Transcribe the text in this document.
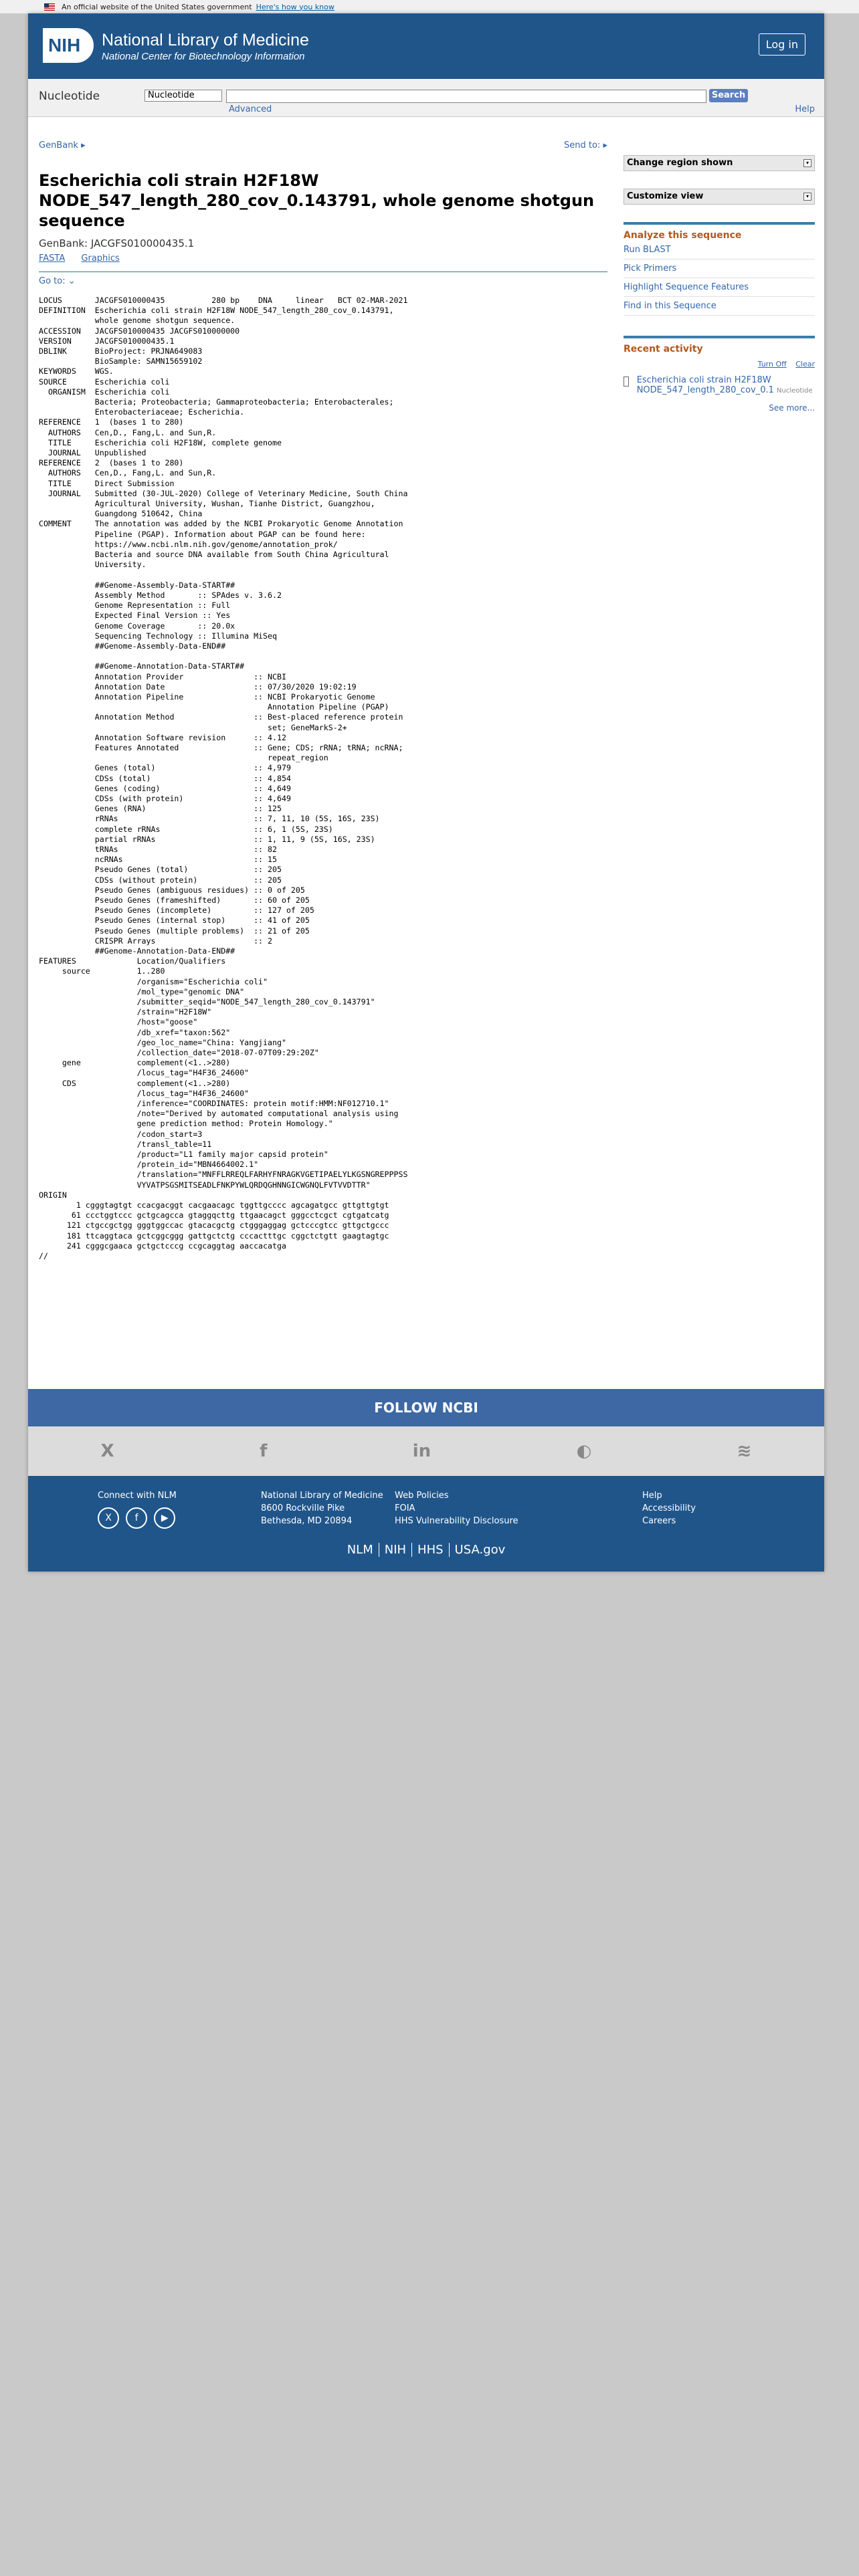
An official website of the United States government Here's how you know
NIH	National Library of Medicine
National Center for Biotechnology Information
Log in
Nucleotide	Nucleotide	Search
Advanced	Help
GenBank ▸	Send to: ▸
Escherichia coli strain H2F18W NODE_547_length_280_cov_0.143791, whole genome shotgun sequence
GenBank: JACGFS010000435.1
FASTA Graphics
Go to: ⌄
LOCUS       JACGFS010000435          280 bp    DNA     linear   BCT 02-MAR-2021
DEFINITION  Escherichia coli strain H2F18W NODE_547_length_280_cov_0.143791,
whole genome shotgun sequence.
ACCESSION   JACGFS010000435 JACGFS010000000
VERSION     JACGFS010000435.1
DBLINK      BioProject: PRJNA649083
BioSample: SAMN15659102
KEYWORDS    WGS.
SOURCE      Escherichia coli
ORGANISM  Escherichia coli
Bacteria; Proteobacteria; Gammaproteobacteria; Enterobacterales;
Enterobacteriaceae; Escherichia.
REFERENCE   1  (bases 1 to 280)
AUTHORS   Cen,D., Fang,L. and Sun,R.
TITLE     Escherichia coli H2F18W, complete genome
JOURNAL   Unpublished
REFERENCE   2  (bases 1 to 280)
AUTHORS   Cen,D., Fang,L. and Sun,R.
TITLE     Direct Submission
JOURNAL   Submitted (30-JUL-2020) College of Veterinary Medicine, South China
Agricultural University, Wushan, Tianhe District, Guangzhou,
Guangdong 510642, China
COMMENT     The annotation was added by the NCBI Prokaryotic Genome Annotation
Pipeline (PGAP). Information about PGAP can be found here:
https://www.ncbi.nlm.nih.gov/genome/annotation_prok/
Bacteria and source DNA available from South China Agricultural
University.

##Genome-Assembly-Data-START##
Assembly Method       :: SPAdes v. 3.6.2
Genome Representation :: Full
Expected Final Version :: Yes
Genome Coverage       :: 20.0x
Sequencing Technology :: Illumina MiSeq
##Genome-Assembly-Data-END##

##Genome-Annotation-Data-START##
Annotation Provider               :: NCBI
Annotation Date                   :: 07/30/2020 19:02:19
Annotation Pipeline               :: NCBI Prokaryotic Genome
Annotation Pipeline (PGAP)
Annotation Method                 :: Best-placed reference protein
set; GeneMarkS-2+
Annotation Software revision      :: 4.12
Features Annotated                :: Gene; CDS; rRNA; tRNA; ncRNA;
repeat_region
Genes (total)                     :: 4,979
CDSs (total)                      :: 4,854
Genes (coding)                    :: 4,649
CDSs (with protein)               :: 4,649
Genes (RNA)                       :: 125
rRNAs                             :: 7, 11, 10 (5S, 16S, 23S)
complete rRNAs                    :: 6, 1 (5S, 23S)
partial rRNAs                     :: 1, 11, 9 (5S, 16S, 23S)
tRNAs                             :: 82
ncRNAs                            :: 15
Pseudo Genes (total)              :: 205
CDSs (without protein)            :: 205
Pseudo Genes (ambiguous residues) :: 0 of 205
Pseudo Genes (frameshifted)       :: 60 of 205
Pseudo Genes (incomplete)         :: 127 of 205
Pseudo Genes (internal stop)      :: 41 of 205
Pseudo Genes (multiple problems)  :: 21 of 205
CRISPR Arrays                     :: 2
##Genome-Annotation-Data-END##
FEATURES             Location/Qualifiers
source          1..280
/organism="Escherichia coli"
/mol_type="genomic DNA"
/submitter_seqid="NODE_547_length_280_cov_0.143791"
/strain="H2F18W"
/host="goose"
/db_xref="taxon:562"
/geo_loc_name="China: Yangjiang"
/collection_date="2018-07-07T09:29:20Z"
gene            complement(<1..>280)
/locus_tag="H4F36_24600"
CDS             complement(<1..>280)
/locus_tag="H4F36_24600"
/inference="COORDINATES: protein motif:HMM:NF012710.1"
/note="Derived by automated computational analysis using
gene prediction method: Protein Homology."
/codon_start=3
/transl_table=11
/product="L1 family major capsid protein"
/protein_id="MBN4664002.1"
/translation="MNFFLRREQLFARHYFNRAGKVGETIPAELYLKGSNGREPPPSS
VYVATPSGSMITSEADLFNKPYWLQRDQGHNNGICWGNQLFVTVVDTTR"
ORIGIN
1 cgggtagtgt ccacgacggt cacgaacagc tggttgcccc agcagatgcc gttgttgtgt
61 ccctggtccc gctgcagcca gtaggqcttg ttgaacagct gggcctcgct cgtgatcatg
121 ctgccgctgg gggtggccac gtacacgctg ctgggaggag gctcccgtcc gttgctgccc
181 ttcaggtaca gctcggcggg gattgctctg cccactttgc cggctctgtt gaagtagtgc
241 cgggcgaaca gctgctcccg ccgcaggtag aaccacatga
//
Change region shown	▾
Customize view	▾
Analyze this sequence
Run BLAST
Pick Primers
Highlight Sequence Features
Find in this Sequence
Recent activity
Turn Off Clear
Escherichia coli strain H2F18W NODE_547_length_280_cov_0.1 Nucleotide
See more...
FOLLOW NCBI
X	f	in	◐	≋
Connect with NLM
X f ▶
National Library of Medicine
8600 Rockville Pike
Bethesda, MD 20894
Web Policies
FOIA
HHS Vulnerability Disclosure
Help
Accessibility
Careers
NLM NIH HHS USA.gov
